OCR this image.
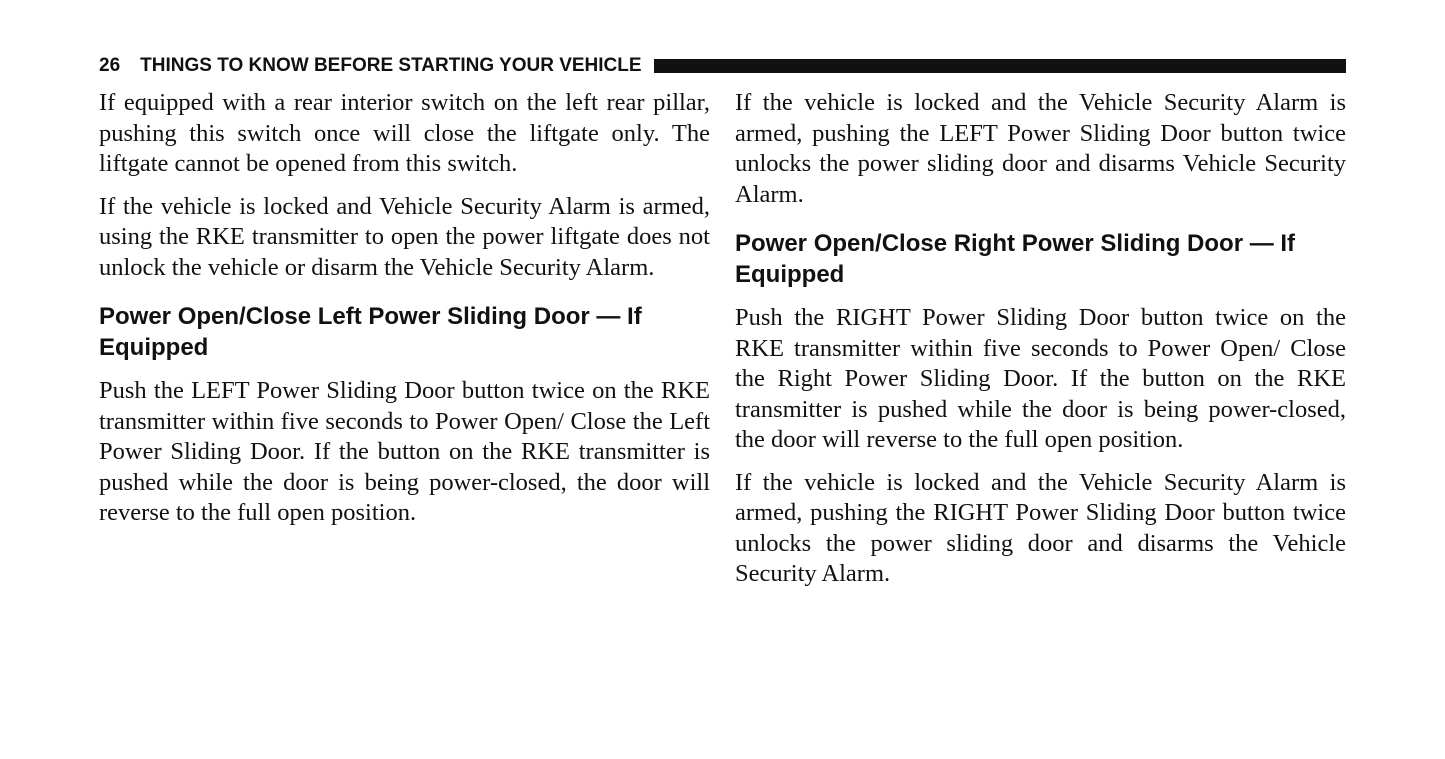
26 THINGS TO KNOW BEFORE STARTING YOUR VEHICLE

If equipped with a rear interior switch on the left rear pillar, pushing this switch once will close the liftgate only. The liftgate cannot be opened from this switch.

If the vehicle is locked and Vehicle Security Alarm is armed, using the RKE transmitter to open the power liftgate does not unlock the vehicle or disarm the Vehicle Security Alarm.

Power Open/Close Left Power Sliding Door — If Equipped

Push the LEFT Power Sliding Door button twice on the RKE transmitter within five seconds to Power Open/ Close the Left Power Sliding Door. If the button on the RKE transmitter is pushed while the door is being power-closed, the door will reverse to the full open position.

If the vehicle is locked and the Vehicle Security Alarm is armed, pushing the LEFT Power Sliding Door button twice unlocks the power sliding door and disarms Vehicle Security Alarm.

Power Open/Close Right Power Sliding Door — If Equipped

Push the RIGHT Power Sliding Door button twice on the RKE transmitter within five seconds to Power Open/ Close the Right Power Sliding Door. If the button on the RKE transmitter is pushed while the door is being power-closed, the door will reverse to the full open position.

If the vehicle is locked and the Vehicle Security Alarm is armed, pushing the RIGHT Power Sliding Door button twice unlocks the power sliding door and disarms the Vehicle Security Alarm.
